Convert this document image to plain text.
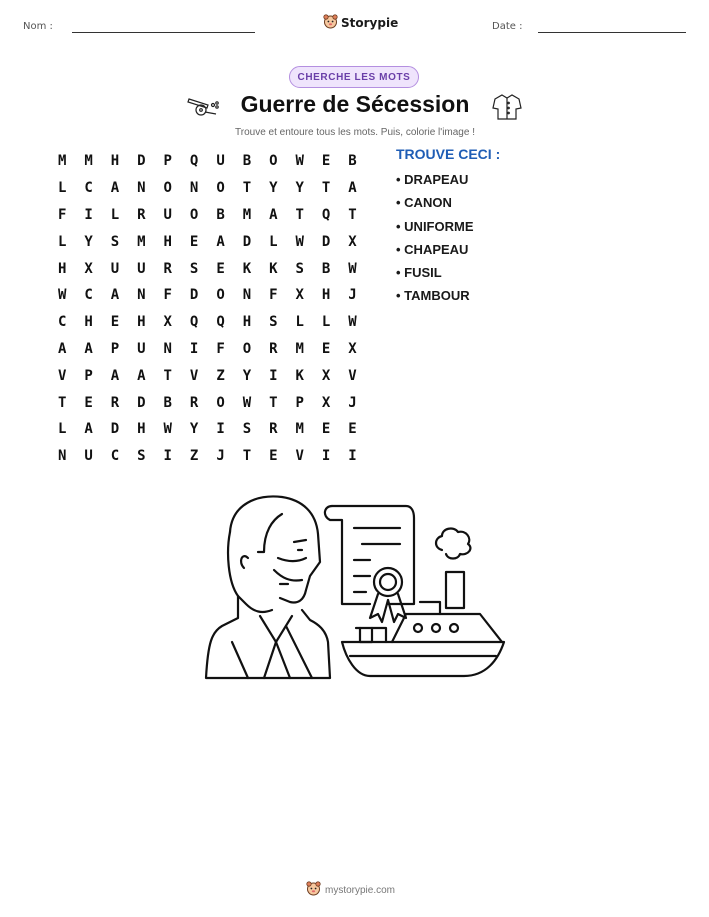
Nom :	Storypie	Date :
CHERCHE LES MOTS
Guerre de Sécession
Trouve et entoure tous les mots. Puis, colorie l'image !
M	M	H	D	P	Q	U	B	O	W	E	B
L	C	A	N	O	N	O	T	Y	Y	T	A
F	I	L	R	U	O	B	M	A	T	Q	T
L	Y	S	M	H	E	A	D	L	W	D	X
H	X	U	U	R	S	E	K	K	S	B	W
W	C	A	N	F	D	O	N	F	X	H	J
C	H	E	H	X	Q	Q	H	S	L	L	W
A	A	P	U	N	I	F	O	R	M	E	X
V	P	A	A	T	V	Z	Y	I	K	X	V
T	E	R	D	B	R	O	W	T	P	X	J
L	A	D	H	W	Y	I	S	R	M	E	E
N	U	C	S	I	Z	J	T	E	V	I	I
TROUVE CECI :
• DRAPEAU
• CANON
• UNIFORME
• CHAPEAU
• FUSIL
• TAMBOUR
mystorypie.com
